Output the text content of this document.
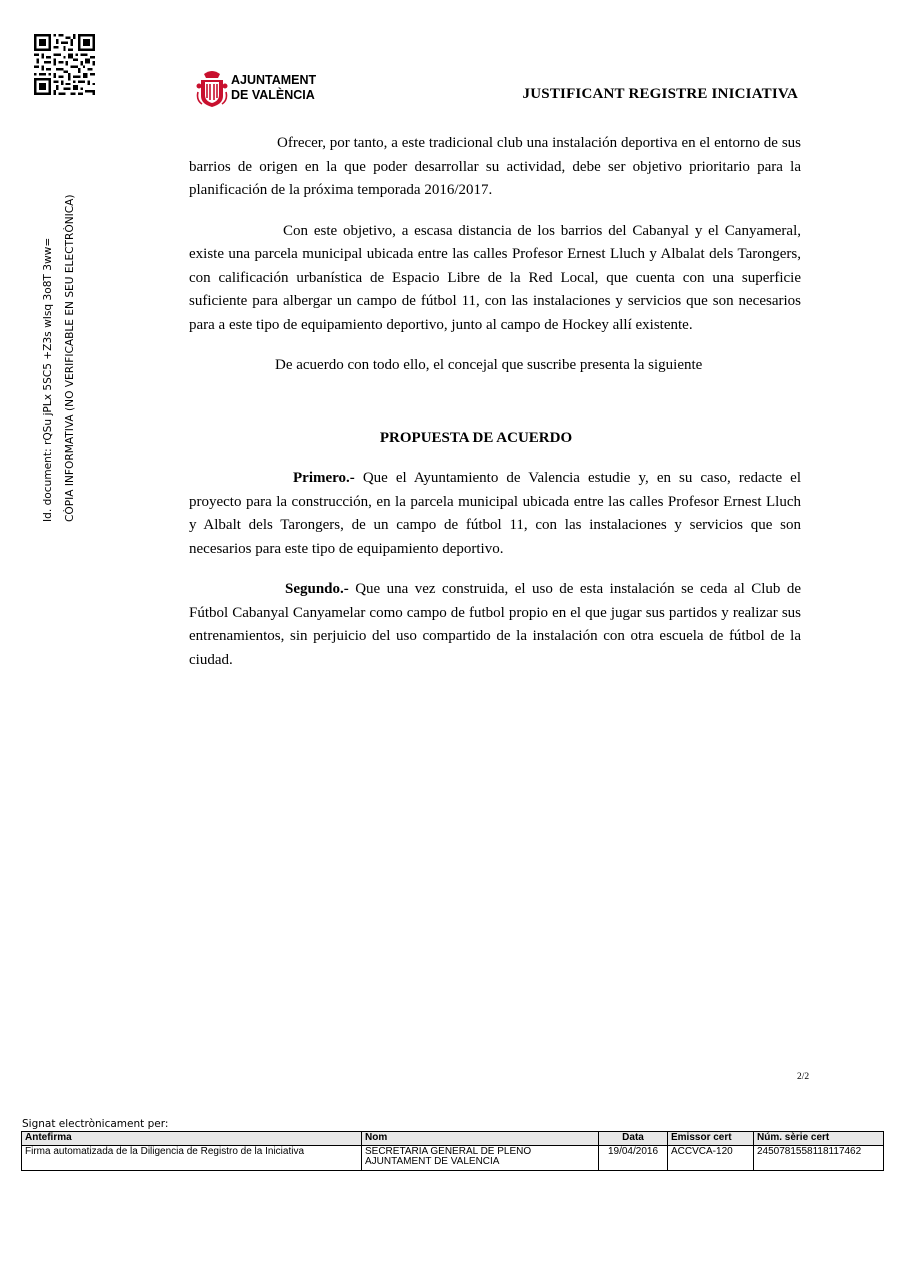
AJUNTAMENT
DE VALÈNCIA	JUSTIFICANT REGISTRE INICIATIVA
Id. document: rQSu jPLx 5SC5 +Z3s wIsq 3o8T 3ww= CÒPIA INFORMATIVA (NO VERIFICABLE EN SEU ELECTRÒNICA)

Ofrecer, por tanto, a este tradicional club una instalación deportiva en el entorno de sus barrios de origen en la que poder desarrollar su actividad, debe ser objetivo prioritario para la planificación de la próxima temporada 2016/2017.

Con este objetivo, a escasa distancia de los barrios del Cabanyal y el Canyameral, existe una parcela municipal ubicada entre las calles Profesor Ernest Lluch y Albalat dels Tarongers, con calificación urbanística de Espacio Libre de la Red Local, que cuenta con una superficie suficiente para albergar un campo de fútbol 11, con las instalaciones y servicios que son necesarios para a este tipo de equipamiento deportivo, junto al campo de Hockey allí existente.

De acuerdo con todo ello, el concejal que suscribe presenta la siguiente

PROPUESTA DE ACUERDO

Primero.- Que el Ayuntamiento de Valencia estudie y, en su caso, redacte el proyecto para la construcción, en la parcela municipal ubicada entre las calles Profesor Ernest Lluch y Albalt dels Tarongers, de un campo de fútbol 11, con las instalaciones y servicios que son necesarios para este tipo de equipamiento deportivo.

Segundo.- Que una vez construida, el uso de esta instalación se ceda al Club de Fútbol Cabanyal Canyamelar como campo de futbol propio en el que jugar sus partidos y realizar sus entrenamientos, sin perjuicio del uso compartido de la instalación con otra escuela de fútbol de la ciudad.

2/2
Signat electrònicament per:
Antefirma	Nom	Data	Emissor cert	Núm. sèrie cert
Firma automatizada de la Diligencia de Registro de la Iniciativa	SECRETARIA GENERAL DE PLENO
AJUNTAMENT DE VALENCIA	19/04/2016	ACCVCA-120	2450781558118117462
